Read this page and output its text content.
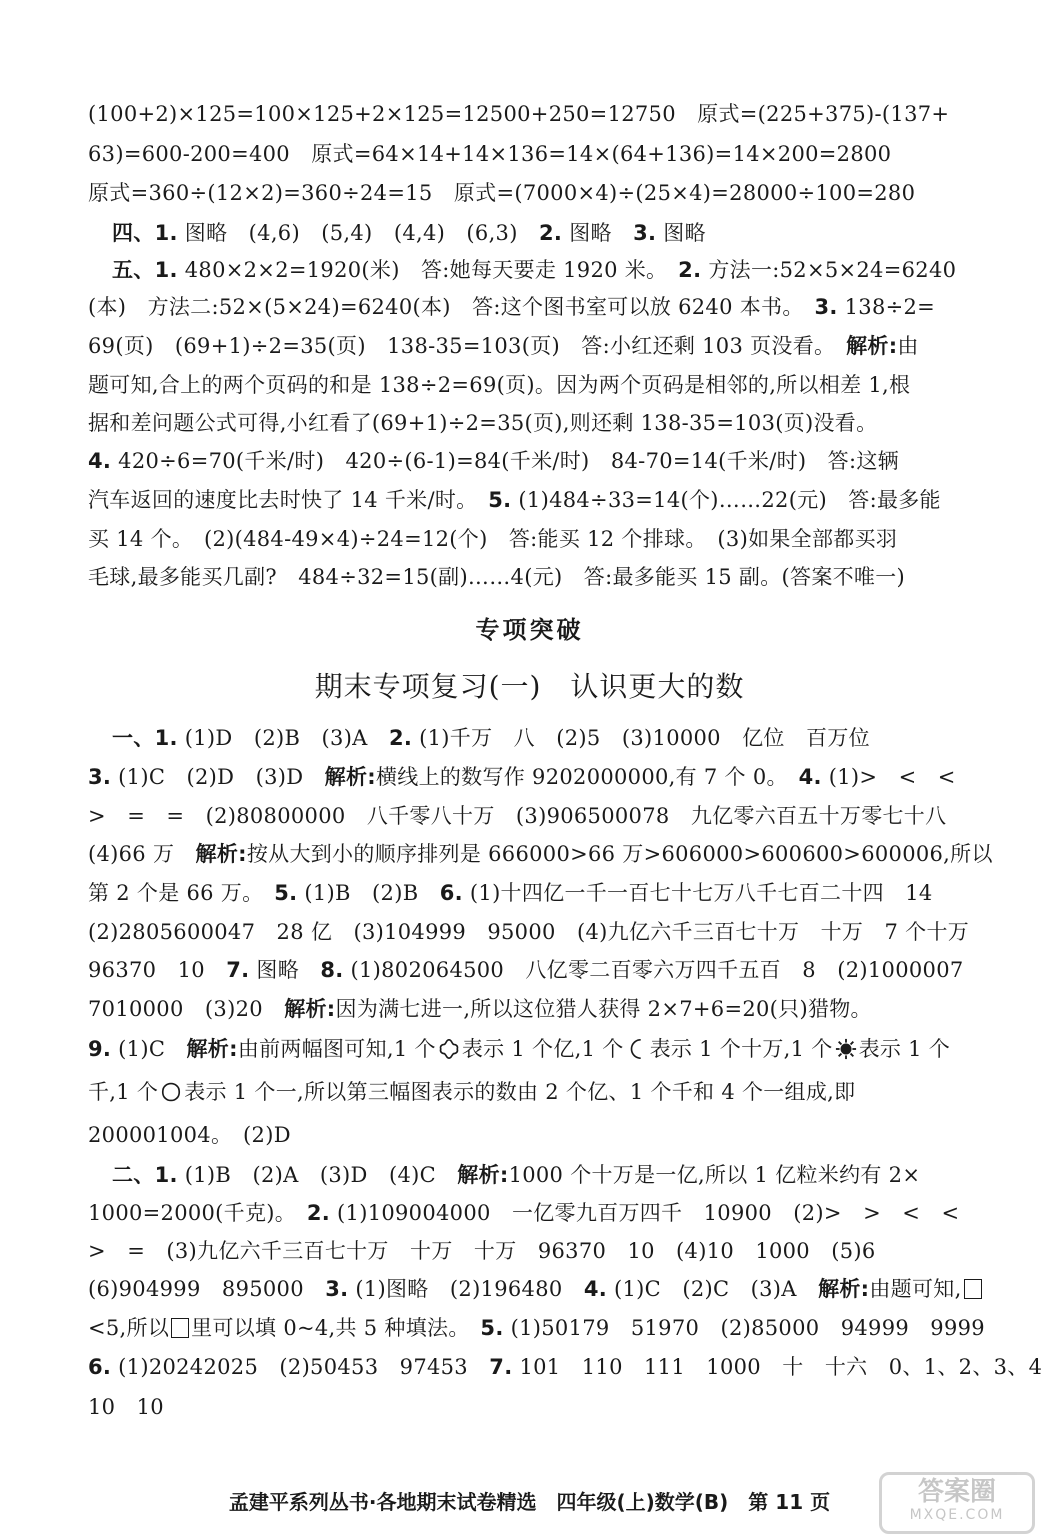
(100+2)×125=100×125+2×125=12500+250=12750　原式=(225+375)-(137+
63)=600-200=400　原式=64×14+14×136=14×(64+136)=14×200=2800
原式=360÷(12×2)=360÷24=15　原式=(7000×4)÷(25×4)=28000÷100=280
四、1. 图略　(4,6)　(5,4)　(4,4)　(6,3)　2. 图略　3. 图略
五、1. 480×2×2=1920(米)　答:她每天要走 1920 米。　2. 方法一:52×5×24=6240
(本)　方法二:52×(5×24)=6240(本)　答:这个图书室可以放 6240 本书。　3. 138÷2=
69(页)　(69+1)÷2=35(页)　138-35=103(页)　答:小红还剩 103 页没看。　解析:由
题可知,合上的两个页码的和是 138÷2=69(页)。因为两个页码是相邻的,所以相差 1,根
据和差问题公式可得,小红看了(69+1)÷2=35(页),则还剩 138-35=103(页)没看。
4. 420÷6=70(千米/时)　420÷(6-1)=84(千米/时)　84-70=14(千米/时)　答:这辆
汽车返回的速度比去时快了 14 千米/时。　5. (1)484÷33=14(个)……22(元)　答:最多能
买 14 个。　(2)(484-49×4)÷24=12(个)　答:能买 12 个排球。　(3)如果全部都买羽
毛球,最多能买几副?　484÷32=15(副)……4(元)　答:最多能买 15 副。(答案不唯一)
专项突破
期末专项复习(一)　认识更大的数
一、1. (1)D　(2)B　(3)A　2. (1)千万　八　(2)5　(3)10000　亿位　百万位
3. (1)C　(2)D　(3)D　解析:横线上的数写作 9202000000,有 7 个 0。　4. (1)>　<　<
>　=　=　(2)80800000　八千零八十万　(3)906500078　九亿零六百五十万零七十八
(4)66 万　解析:按从大到小的顺序排列是 666000>66 万>606000>600600>600006,所以
第 2 个是 66 万。　5. (1)B　(2)B　6. (1)十四亿一千一百七十七万八千七百二十四　14
(2)2805600047　28 亿　(3)104999　95000　(4)九亿六千三百七十万　十万　7 个十万
96370　10　7. 图略　8. (1)802064500　八亿零二百零六万四千五百　8　(2)1000007
7010000　(3)20　解析:因为满七进一,所以这位猎人获得 2×7+6=20(只)猎物。
9. (1)C　解析:由前两幅图可知,1 个 表示 1 个亿,1 个 表示 1 个十万,1 个 表示 1 个
千,1 个 表示 1 个一,所以第三幅图表示的数由 2 个亿、1 个千和 4 个一组成,即
200001004。　(2)D
二、1. (1)B　(2)A　(3)D　(4)C　解析:1000 个十万是一亿,所以 1 亿粒米约有 2×
1000=2000(千克)。　2. (1)109004000　一亿零九百万四千　10900　(2)>　>　<　<
>　=　(3)九亿六千三百七十万　十万　十万　96370　10　(4)10　1000　(5)6
(6)904999　895000　3. (1)图略　(2)196480　4. (1)C　(2)C　(3)A　解析:由题可知,
<5,所以 里可以填 0~4,共 5 种填法。　5. (1)50179　51970　(2)85000　94999　9999
6. (1)20242025　(2)50453　97453　7. 101　110　111　1000　十　十六　0、1、2、3、4
10　10
孟建平系列丛书·各地期末试卷精选　四年级(上)数学(B)　第 11 页	答案圈
MXQE.COM
